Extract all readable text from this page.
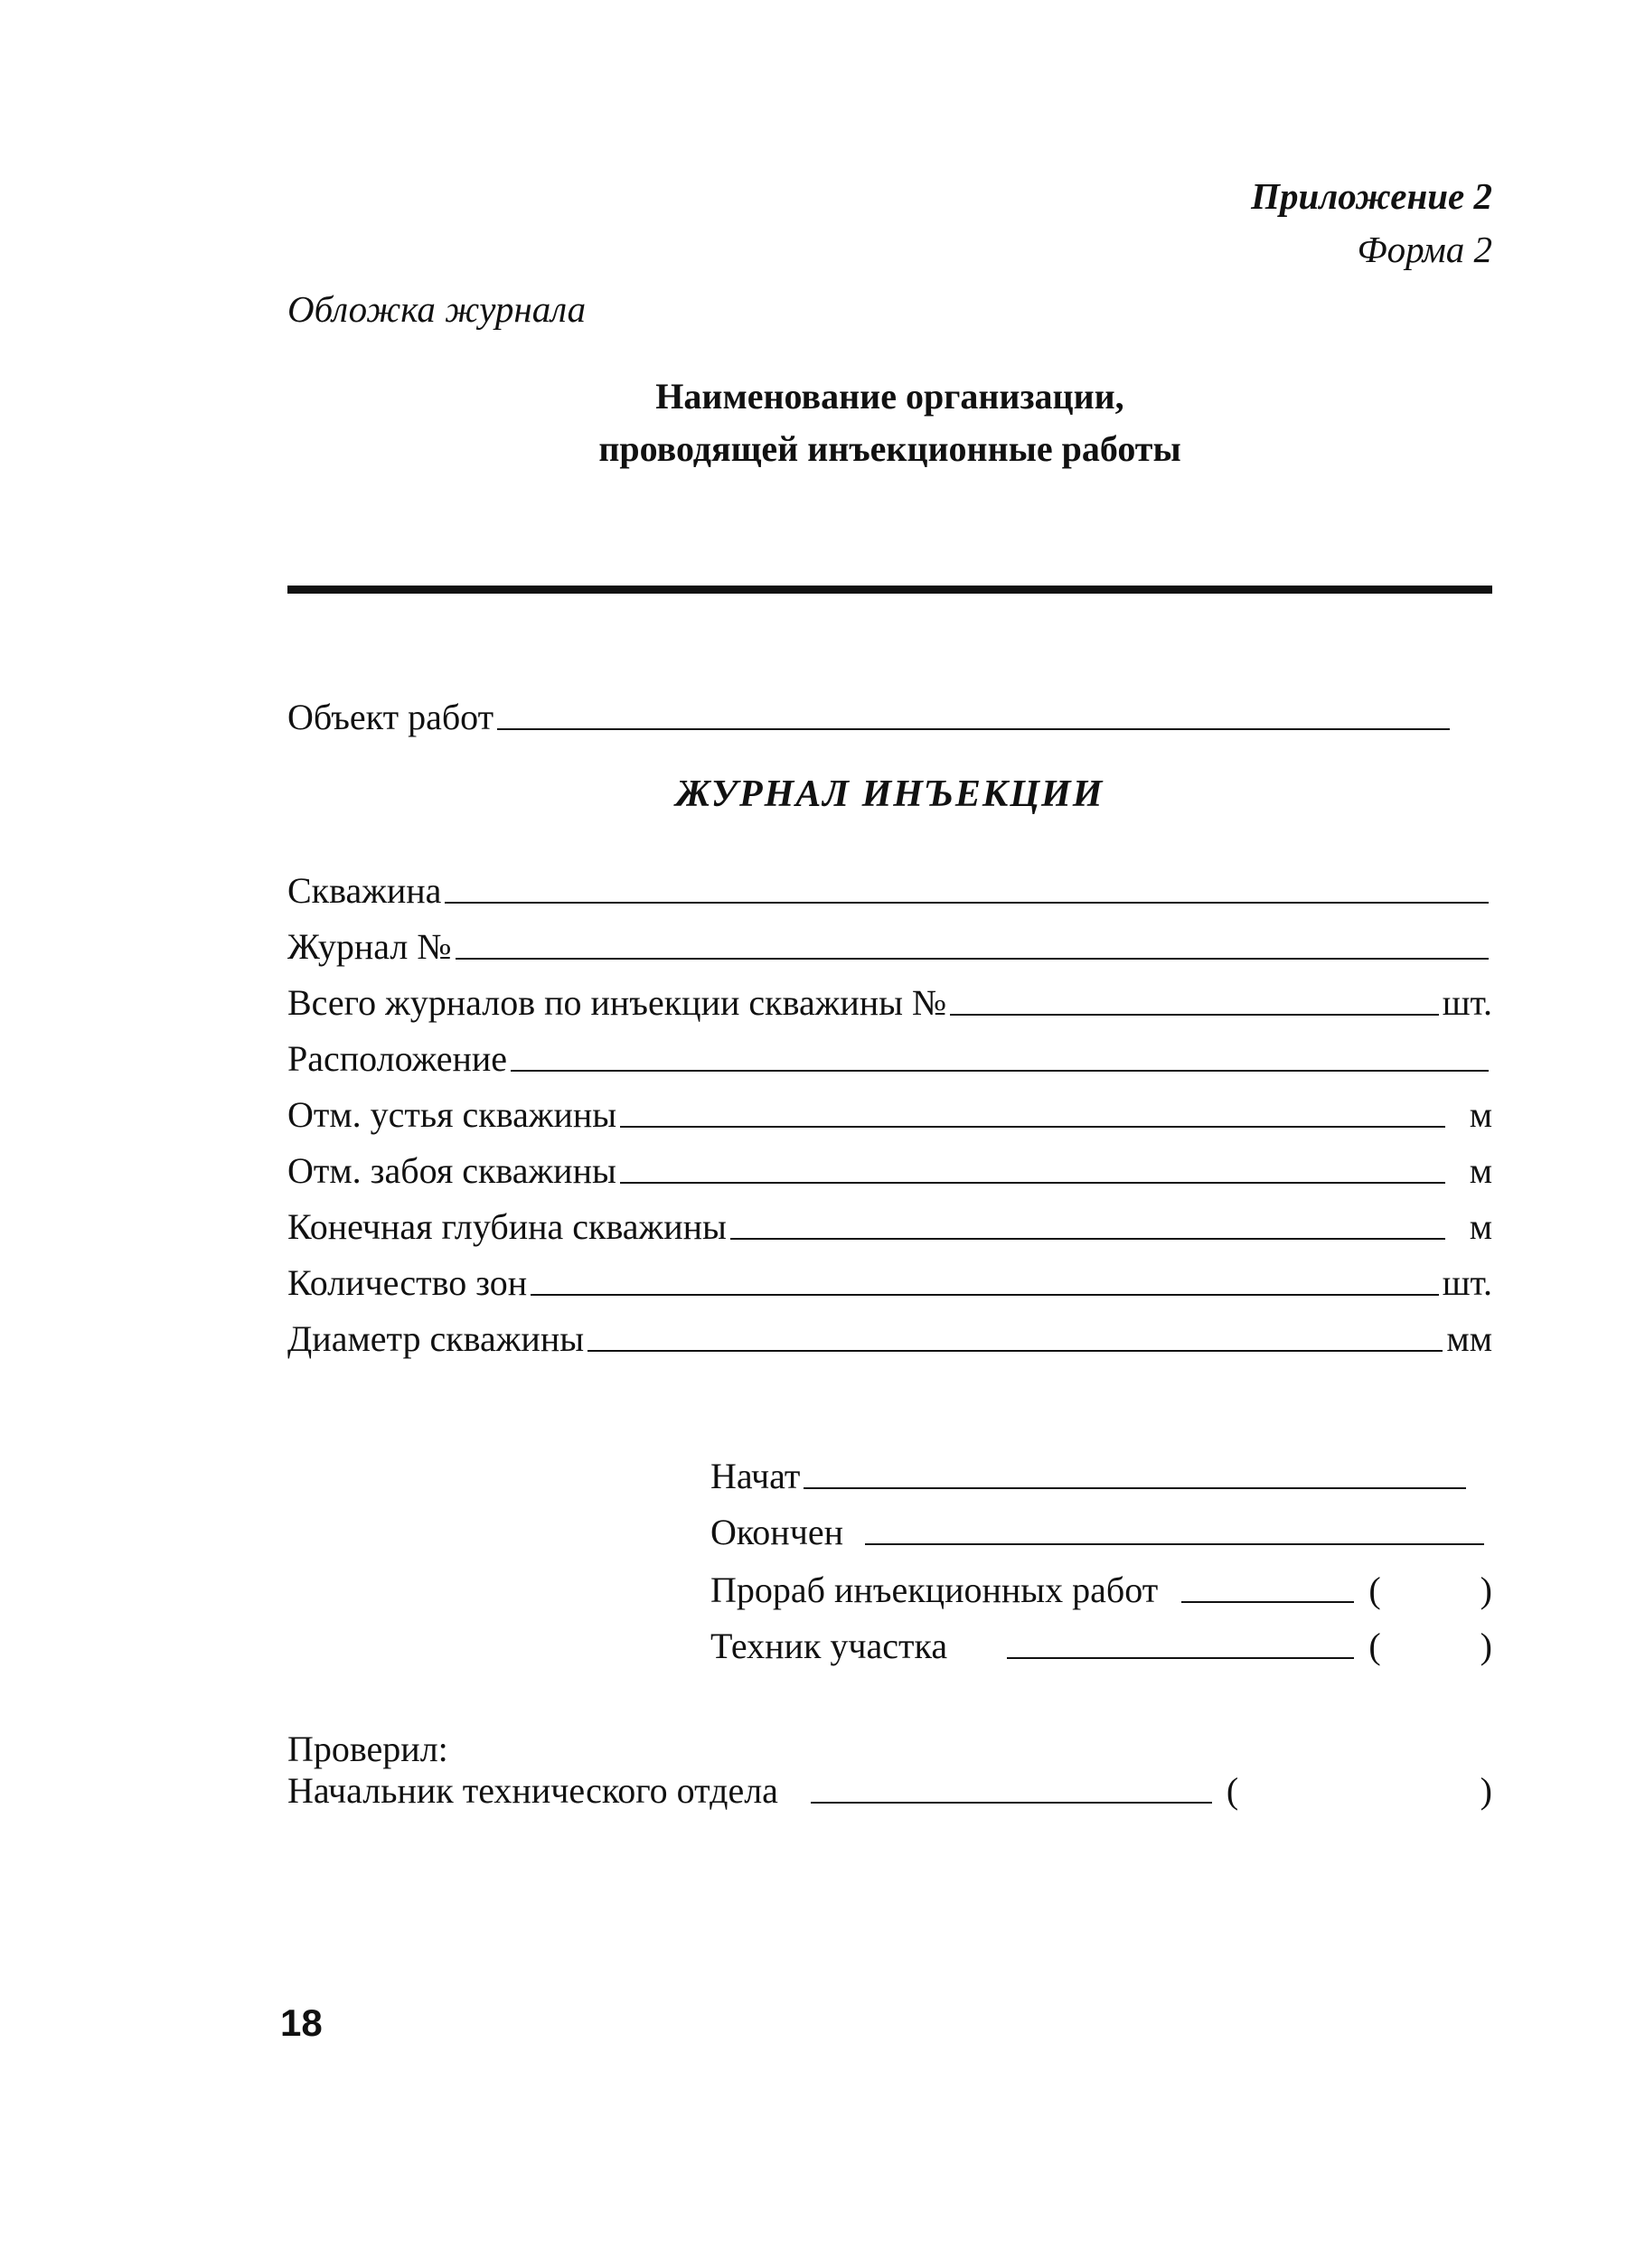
Приложение 2
Форма 2
Обложка журнала
Наименование организации,
проводящей инъекционные работы
Объект работ
ЖУРНАЛ ИНЪЕКЦИИ
Скважина
Журнал №
Всего журналов по инъекции скважины №	шт.
Расположение
Отм. устья скважины	м
Отм. забоя скважины	м
Конечная глубина скважины	м
Количество зон	шт.
Диаметр скважины	мм
Начат
Окончен
Прораб инъекционных работ	(	)
Техник участка	(	)
Проверил:
Начальник технического отдела	(	)
18
